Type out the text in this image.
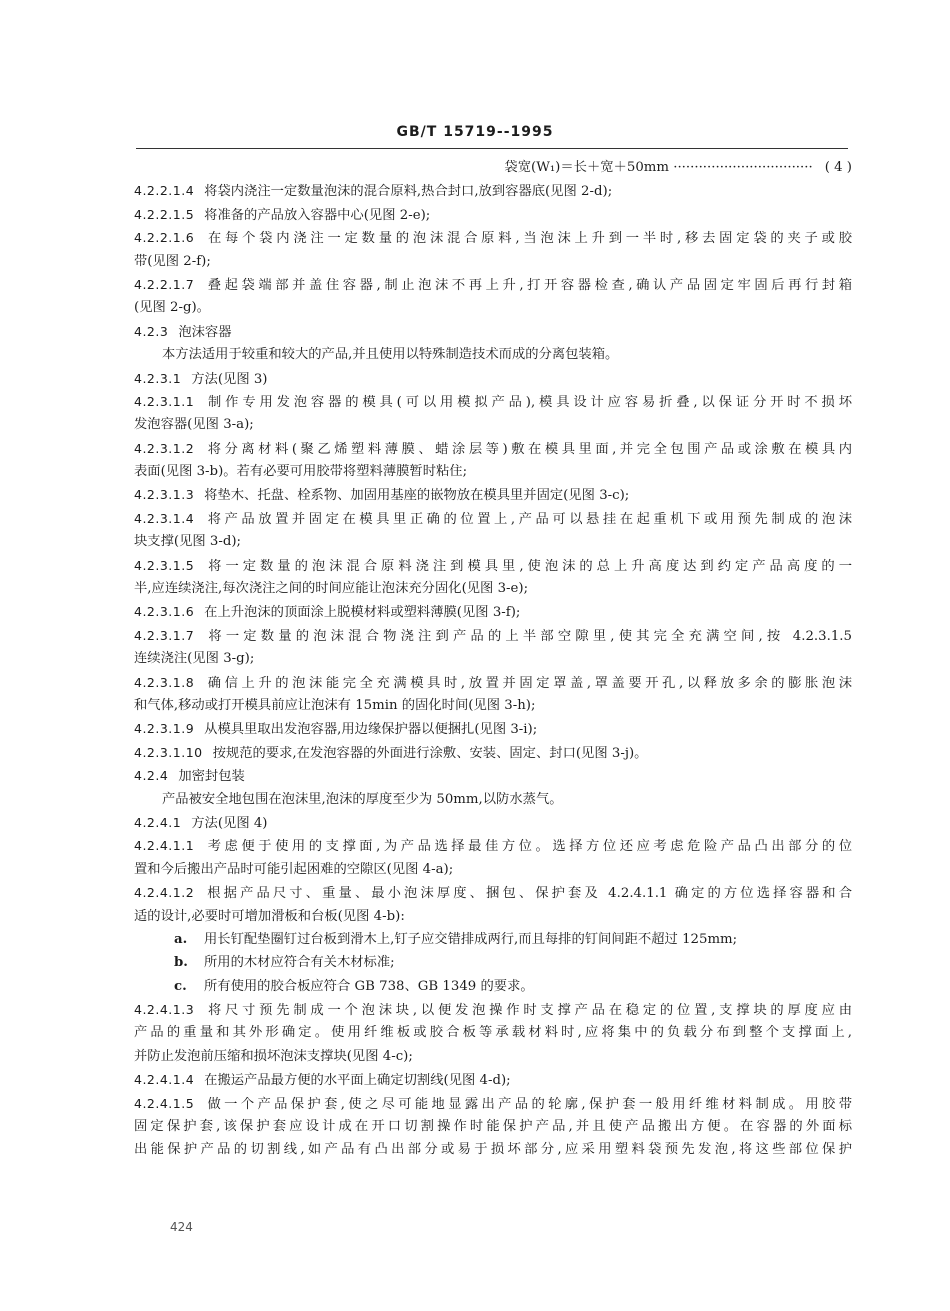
GB/T 15719--1995
袋宽(W₁)＝长＋宽＋50mm ································· ( 4 )
4.2.2.1.4 将袋内浇注一定数量泡沫的混合原料,热合封口,放到容器底(见图 2-d);
4.2.2.1.5 将准备的产品放入容器中心(见图 2-e);
4.2.2.1.6 在每个袋内浇注一定数量的泡沫混合原料,当泡沫上升到一半时,移去固定袋的夹子或胶
带(见图 2-f);
4.2.2.1.7 叠起袋端部并盖住容器,制止泡沫不再上升,打开容器检查,确认产品固定牢固后再行封箱
(见图 2-g)。
4.2.3 泡沫容器
本方法适用于较重和较大的产品,并且使用以特殊制造技术而成的分离包装箱。
4.2.3.1 方法(见图 3)
4.2.3.1.1 制作专用发泡容器的模具(可以用模拟产品),模具设计应容易折叠,以保证分开时不损坏
发泡容器(见图 3-a);
4.2.3.1.2 将分离材料(聚乙烯塑料薄膜、蜡涂层等)敷在模具里面,并完全包围产品或涂敷在模具内
表面(见图 3-b)。若有必要可用胶带将塑料薄膜暂时粘住;
4.2.3.1.3 将垫木、托盘、栓系物、加固用基座的嵌物放在模具里并固定(见图 3-c);
4.2.3.1.4 将产品放置并固定在模具里正确的位置上,产品可以悬挂在起重机下或用预先制成的泡沫
块支撑(见图 3-d);
4.2.3.1.5 将一定数量的泡沫混合原料浇注到模具里,使泡沫的总上升高度达到约定产品高度的一
半,应连续浇注,每次浇注之间的时间应能让泡沫充分固化(见图 3-e);
4.2.3.1.6 在上升泡沫的顶面涂上脱模材料或塑料薄膜(见图 3-f);
4.2.3.1.7 将一定数量的泡沫混合物浇注到产品的上半部空隙里,使其完全充满空间,按 4.2.3.1.5
连续浇注(见图 3-g);
4.2.3.1.8 确信上升的泡沫能完全充满模具时,放置并固定罩盖,罩盖要开孔,以释放多余的膨胀泡沫
和气体,移动或打开模具前应让泡沫有 15min 的固化时间(见图 3-h);
4.2.3.1.9 从模具里取出发泡容器,用边缘保护器以便捆扎(见图 3-i);
4.2.3.1.10 按规范的要求,在发泡容器的外面进行涂敷、安装、固定、封口(见图 3-j)。
4.2.4 加密封包装
产品被安全地包围在泡沫里,泡沫的厚度至少为 50mm,以防水蒸气。
4.2.4.1 方法(见图 4)
4.2.4.1.1 考虑便于使用的支撑面,为产品选择最佳方位。选择方位还应考虑危险产品凸出部分的位
置和今后搬出产品时可能引起困难的空隙区(见图 4-a);
4.2.4.1.2 根据产品尺寸、重量、最小泡沫厚度、捆包、保护套及 4.2.4.1.1 确定的方位选择容器和合
适的设计,必要时可增加滑板和台板(见图 4-b):
a. 用长钉配垫圈钉过台板到滑木上,钉子应交错排成两行,而且每排的钉间间距不超过 125mm;
b. 所用的木材应符合有关木材标准;
c. 所有使用的胶合板应符合 GB 738、GB 1349 的要求。
4.2.4.1.3 将尺寸预先制成一个泡沫块,以便发泡操作时支撑产品在稳定的位置,支撑块的厚度应由
产品的重量和其外形确定。使用纤维板或胶合板等承载材料时,应将集中的负载分布到整个支撑面上,
并防止发泡前压缩和损坏泡沫支撑块(见图 4-c);
4.2.4.1.4 在搬运产品最方便的水平面上确定切割线(见图 4-d);
4.2.4.1.5 做一个产品保护套,使之尽可能地显露出产品的轮廓,保护套一般用纤维材料制成。用胶带
固定保护套,该保护套应设计成在开口切割操作时能保护产品,并且使产品搬出方便。在容器的外面标
出能保护产品的切割线,如产品有凸出部分或易于损坏部分,应采用塑料袋预先发泡,将这些部位保护
424
